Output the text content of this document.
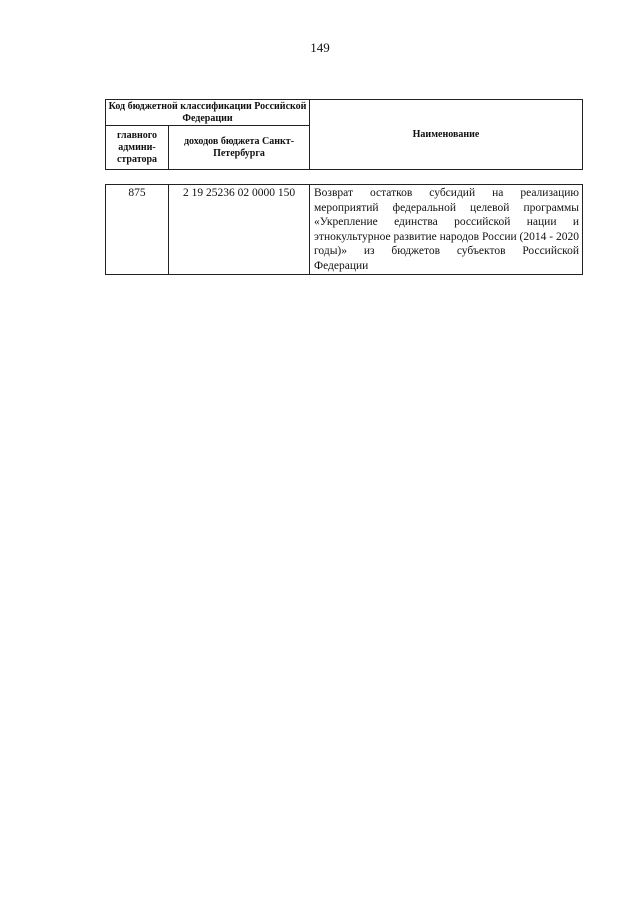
149
Код бюджетной классификации Российской Федерации		Наименование
главного админи- стратора	доходов бюджета Санкт-Петербурга	
875	2 19 25236 02 0000 150	Возврат остатков субсидий на реализацию мероприятий федеральной целевой программы «Укрепление единства российской нации и этнокультурное развитие народов России (2014 - 2020 годы)» из бюджетов субъектов Российской Федерации
